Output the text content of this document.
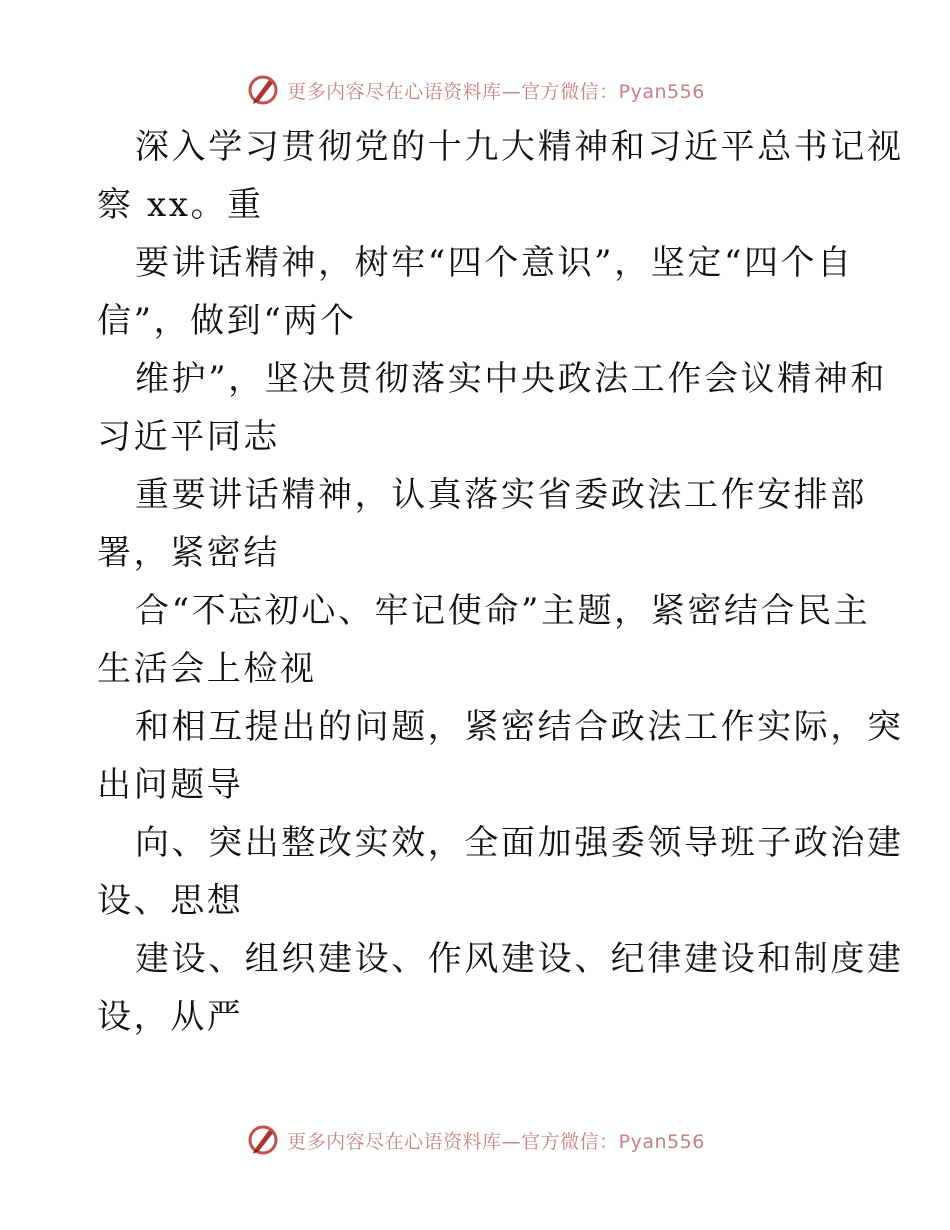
更多内容尽在心语资料库—官方微信：Pyan556
深入学习贯彻党的十九大精神和习近平总书记视
察 xx。重
要讲话精神，树牢“四个意识”，坚定“四个自
信”，做到“两个
维护”，坚决贯彻落实中央政法工作会议精神和
习近平同志
重要讲话精神，认真落实省委政法工作安排部
署，紧密结
合“不忘初心、牢记使命”主题，紧密结合民主
生活会上检视
和相互提出的问题，紧密结合政法工作实际，突
出问题导
向、突出整改实效，全面加强委领导班子政治建
设、思想
建设、组织建设、作风建设、纪律建设和制度建
设，从严
更多内容尽在心语资料库—官方微信：Pyan556
